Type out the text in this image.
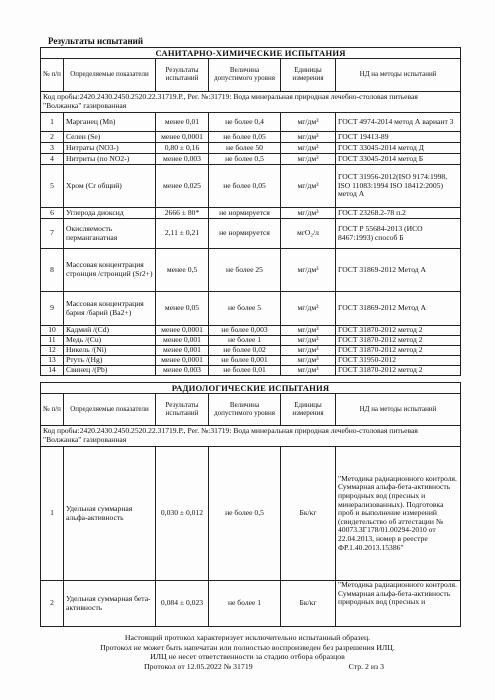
Результаты испытаний
САНИТАРНО-ХИМИЧЕСКИЕ ИСПЫТАНИЯ					
№ п/п	Определяемые показатели	Результаты испытаний	Величина допустимого уровня	Единицы измерения	НД на методы испытаний
Код пробы:2420.2430.2450.2520.22.31719.Р., Рег. №:31719: Вода минеральная природная лечебно-столовая питьевая "Волжанка" газированная					
1	Марганец (Mn)	менее 0,01	не более 0,4	мг/дм³	ГОСТ 4974-2014 метод А вариант 3
2	Селен (Se)	менее 0,0001	не более 0,05	мг/дм³	ГОСТ 19413-89
3	Нитраты (NO3-)	0,80 ± 0,16	не более 50	мг/дм³	ГОСТ 33045-2014 метод Д
4	Нитриты (по NO2-)	менее 0,003	не более 0,5	мг/дм³	ГОСТ 33045-2014 метод Б
5	Хром (Cr общий)	менее 0,025	не более 0,05	мг/дм³	ГОСТ 31956-2012(ISO 9174:1998, ISO 11083:1994 ISO 18412:2005) метод А
6	Углерода диоксид	2666 ± 80*	не нормируется	мг/дм³	ГОСТ 23268.2-78 п.2
7	Окисляемость перманганатная	2,11 ± 0,21	не нормируется	мгО₂/л	ГОСТ Р 55684-2013 (ИСО 8467:1993) способ Б
8	Массовая концентрация стронция /стронций (Sr2+)	менее 0,5	не более 25	мг/дм³	ГОСТ 31869-2012 Метод А
9	Массовая концентрация бария /барий (Ba2+)	менее 0,05	не более 5	мг/дм³	ГОСТ 31869-2012 Метод А
10	Кадмий /(Cd)	менее 0,0001	не более 0,003	мг/дм³	ГОСТ 31870-2012 метод 2
11	Медь /(Cu)	менее 0,001	не более 1	мг/дм³	ГОСТ 31870-2012 метод 2
12	Никель /(Ni)	менее 0,001	не более 0,02	мг/дм³	ГОСТ 31870-2012 метод 2
13	Ртуть /(Hg)	менее 0,0001	не более 0,001	мг/дм³	ГОСТ 31950-2012
14	Свинец /(Pb)	менее 0,003	не более 0,01	мг/дм³	ГОСТ 31870-2012 метод 2
РАДИОЛОГИЧЕСКИЕ ИСПЫТАНИЯ					
№ п/п	Определяемые показатели	Результаты испытаний	Величина допустимого уровня	Единицы измерения	НД на методы испытаний
Код пробы:2420.2430.2450.2520.22.31719.Р., Рег. №:31719: Вода минеральная природная лечебно-столовая питьевая "Волжанка" газированная					
1	Удельная суммарная альфа-активность	0,030 ± 0,012	не более 0,5	Бк/кг	"Методика радиационного контроля. Суммарная альфа-бета-активность природных вод (пресных и минерализованных). Подготовка проб и выполнение измерений (свидетельство об аттестации № 40073.3Г178/01.00294-2010 от 22.04.2013, номер в реестре ФР.1.40.2013.15386"
2	Удельная суммарная бета-активность	0,084 ± 0,023	не более 1	Бк/кг	"Методика радиационного контроля. Суммарная альфа-бета-активность природных вод (пресных и
Настоящий протокол характеризует исключительно испытанный образец.
Протокол не может быть напечатан или полностью воспроизведен без разрешения ИЛЦ.
ИЛЦ не несет ответственности за стадию отбора образцов
Протокол от 12.05.2022 № 31719	Стр. 2 из 3
